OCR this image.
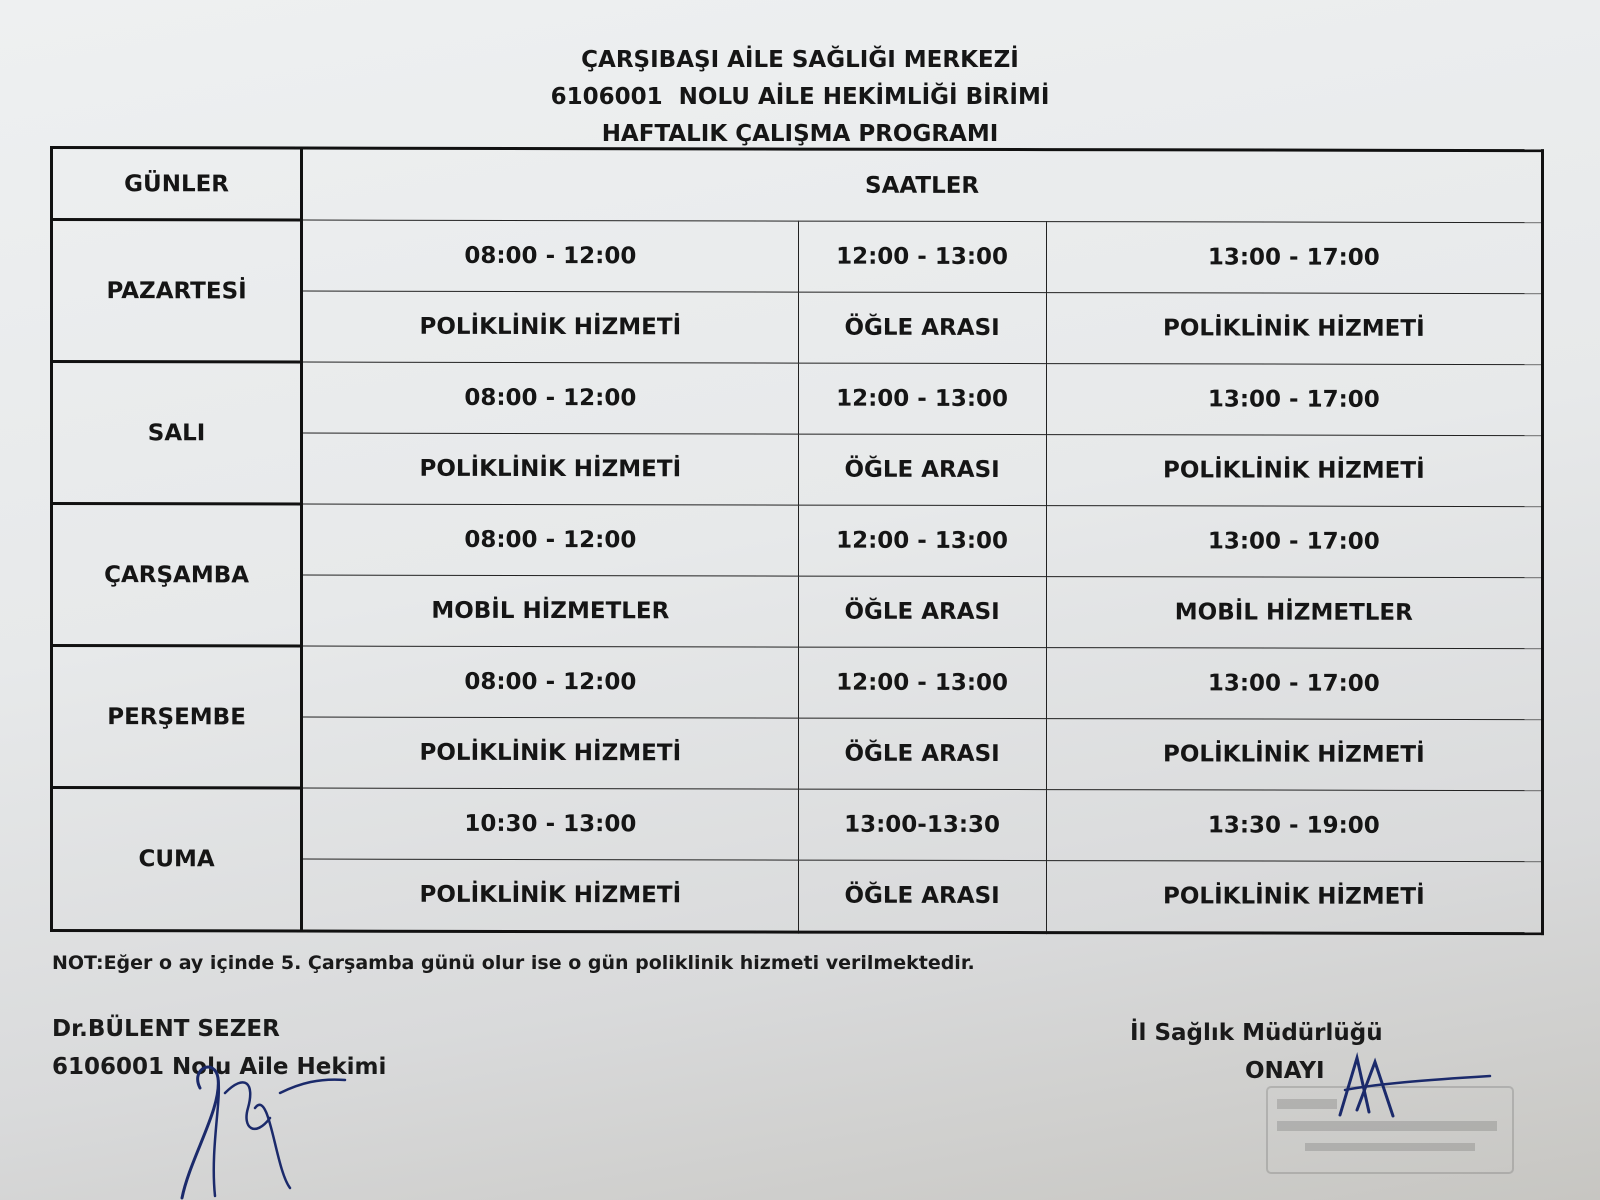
ÇARŞIBAŞI AİLE SAĞLIĞI MERKEZİ
6106001  NOLU AİLE HEKİMLİĞİ BİRİMİ
HAFTALIK ÇALIŞMA PROGRAMI
GÜNLER	SAATLER		
PAZARTESİ	08:00 - 12:00	12:00 - 13:00	13:00 - 17:00
	POLİKLİNİK HİZMETİ	ÖĞLE ARASI	POLİKLİNİK HİZMETİ
SALI	08:00 - 12:00	12:00 - 13:00	13:00 - 17:00
	POLİKLİNİK HİZMETİ	ÖĞLE ARASI	POLİKLİNİK HİZMETİ
ÇARŞAMBA	08:00 - 12:00	12:00 - 13:00	13:00 - 17:00
	MOBİL HİZMETLER	ÖĞLE ARASI	MOBİL HİZMETLER
PERŞEMBE	08:00 - 12:00	12:00 - 13:00	13:00 - 17:00
	POLİKLİNİK HİZMETİ	ÖĞLE ARASI	POLİKLİNİK HİZMETİ
CUMA	10:30 - 13:00	13:00-13:30	13:30 - 19:00
	POLİKLİNİK HİZMETİ	ÖĞLE ARASI	POLİKLİNİK HİZMETİ
NOT:Eğer o ay içinde 5. Çarşamba günü olur ise o gün poliklinik hizmeti verilmektedir.
Dr.BÜLENT SEZER
6106001 Nolu Aile Hekimi
İl Sağlık Müdürlüğü
ONAYI
